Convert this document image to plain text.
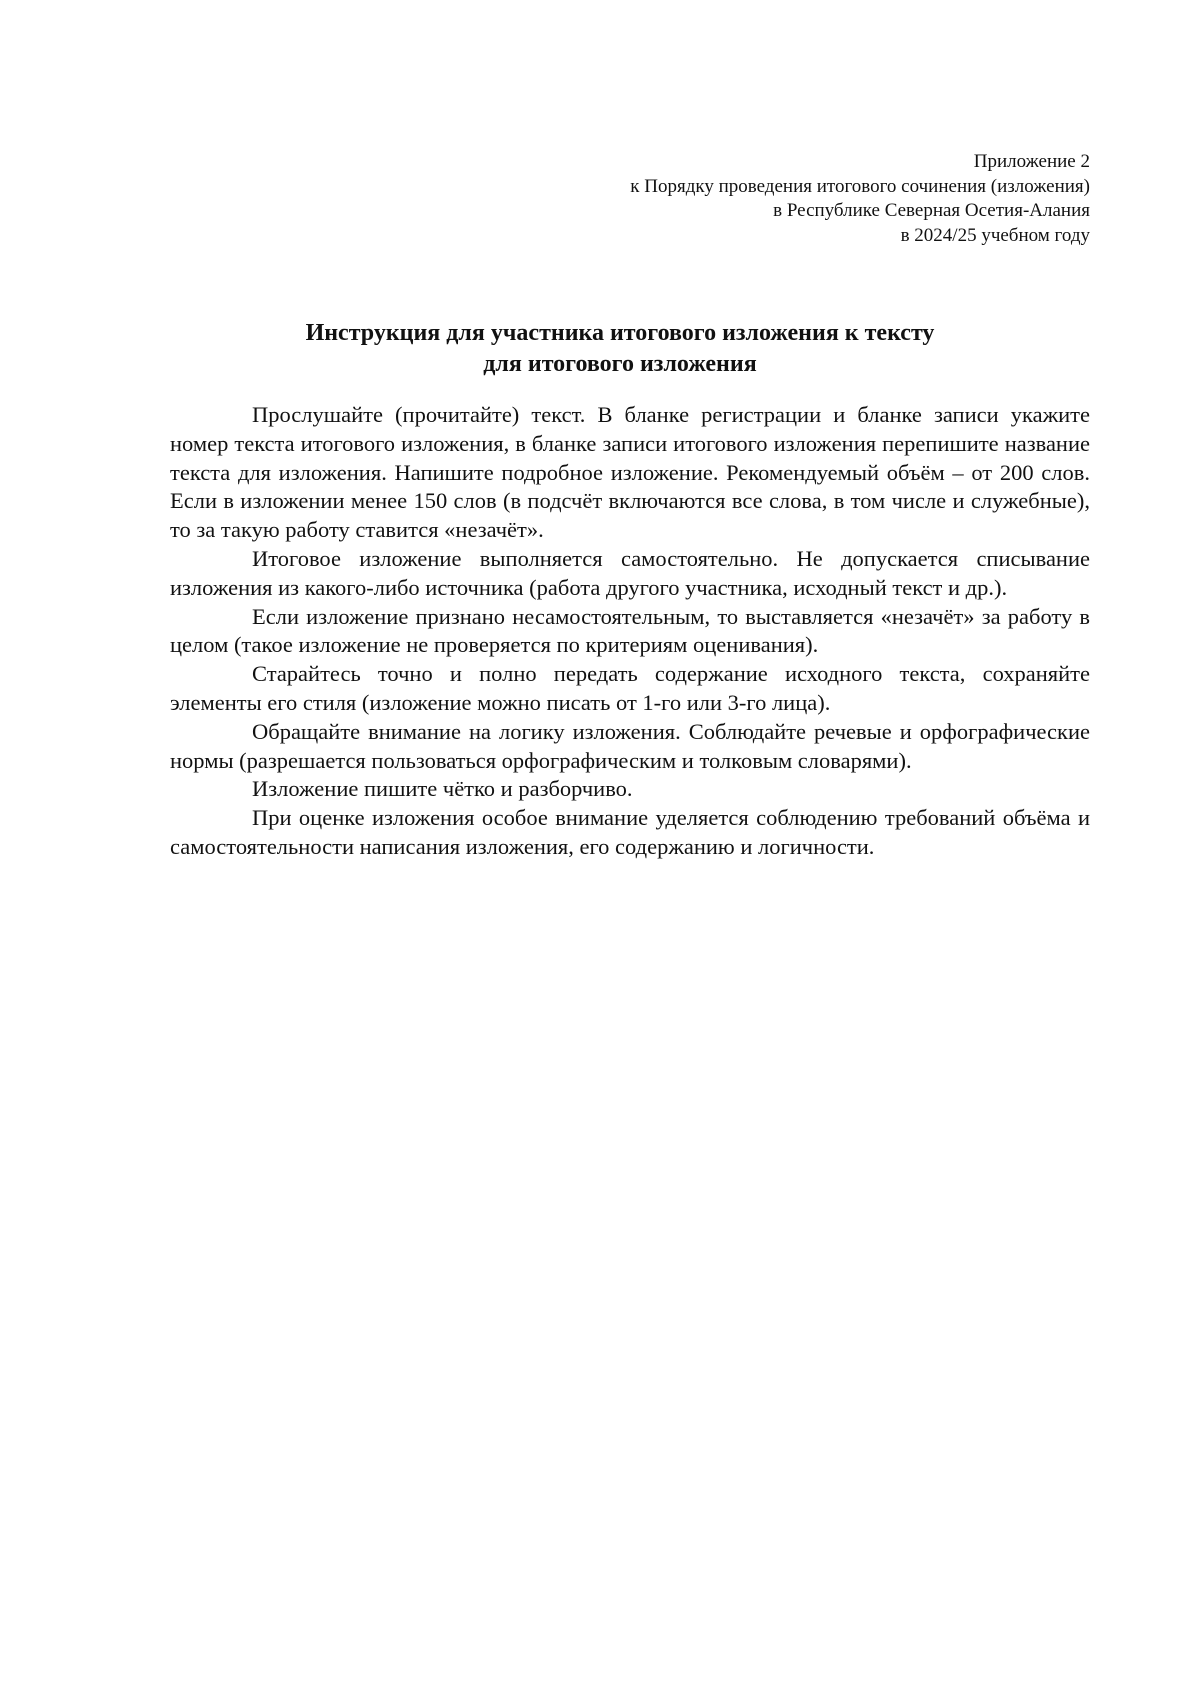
Приложение 2
к Порядку проведения итогового сочинения (изложения)
в Республике Северная Осетия-Алания
в 2024/25 учебном году
Инструкция для участника итогового изложения к тексту
для итогового изложения

Прослушайте (прочитайте) текст. В бланке регистрации и бланке записи укажите номер текста итогового изложения, в бланке записи итогового изложения перепишите название текста для изложения. Напишите подробное изложение. Рекомендуемый объём – от 200 слов. Если в изложении менее 150 слов (в подсчёт включаются все слова, в том числе и служебные), то за такую работу ставится «незачёт».

Итоговое изложение выполняется самостоятельно. Не допускается списывание изложения из какого-либо источника (работа другого участника, исходный текст и др.).

Если изложение признано несамостоятельным, то выставляется «незачёт» за работу в целом (такое изложение не проверяется по критериям оценивания).

Старайтесь точно и полно передать содержание исходного текста, сохраняйте элементы его стиля (изложение можно писать от 1-го или 3-го лица).

Обращайте внимание на логику изложения. Соблюдайте речевые и орфографические нормы (разрешается пользоваться орфографическим и толковым словарями).

Изложение пишите чётко и разборчиво.

При оценке изложения особое внимание уделяется соблюдению требований объёма и самостоятельности написания изложения, его содержанию и логичности.
